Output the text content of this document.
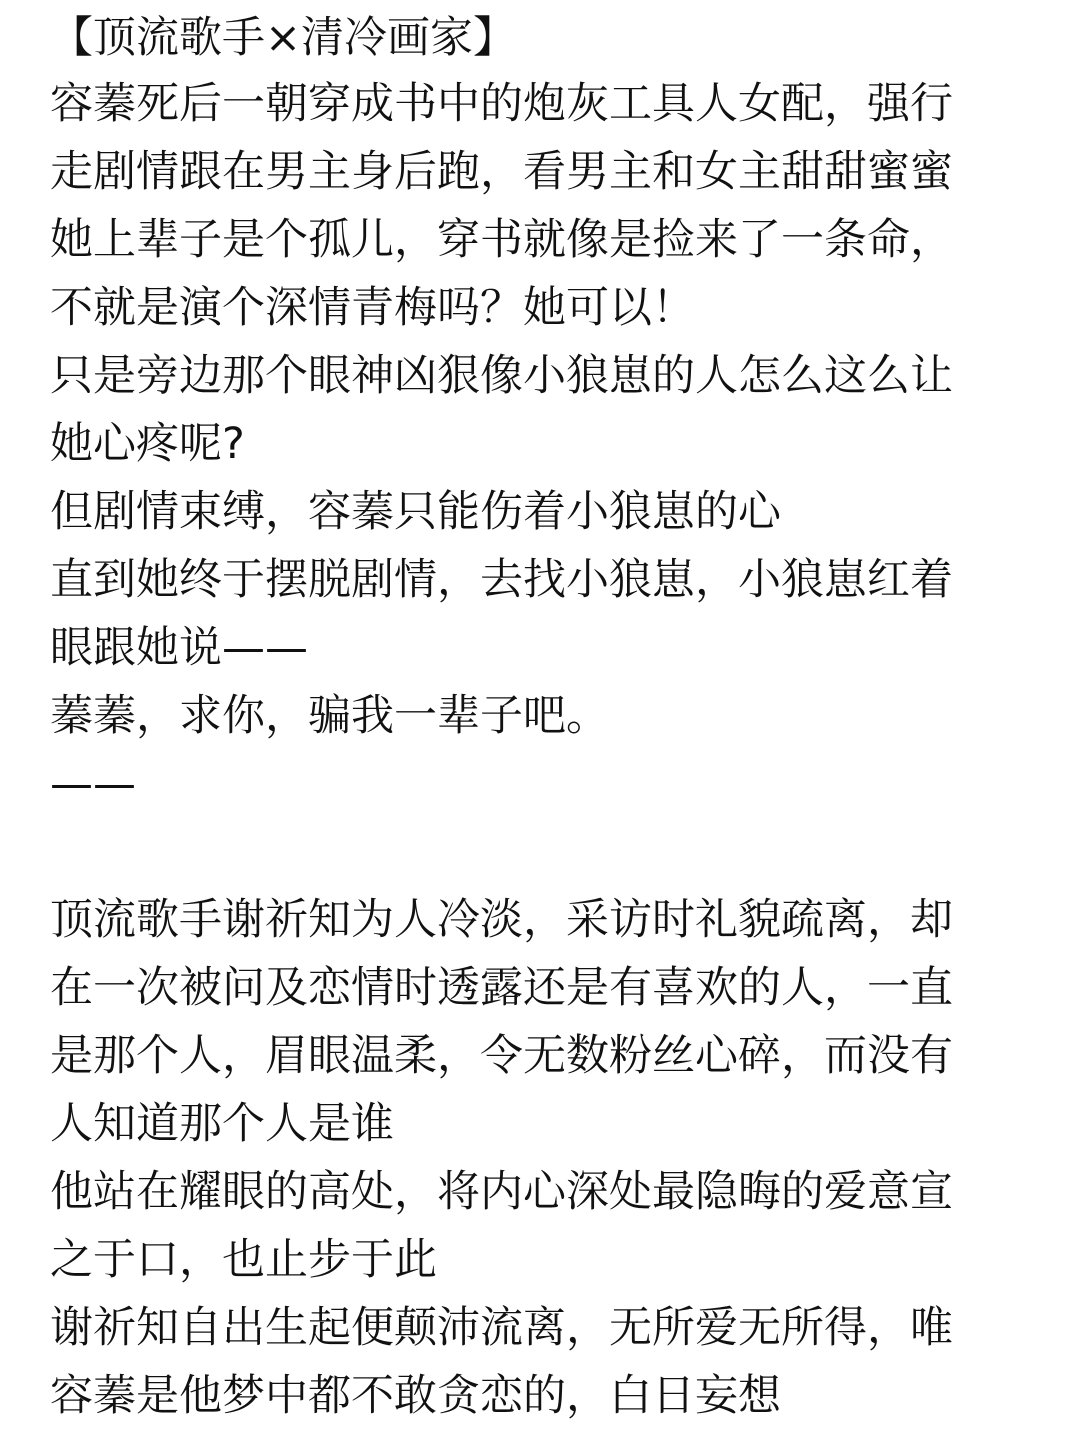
【顶流歌手×清冷画家】
容蓁死后一朝穿成书中的炮灰工具人女配，强行
走剧情跟在男主身后跑，看男主和女主甜甜蜜蜜
她上辈子是个孤儿，穿书就像是捡来了一条命，
不就是演个深情青梅吗？她可以！
只是旁边那个眼神凶狠像小狼崽的人怎么这么让
她心疼呢?
但剧情束缚，容蓁只能伤着小狼崽的心
直到她终于摆脱剧情，去找小狼崽，小狼崽红着
眼跟她说——
蓁蓁，求你，骗我一辈子吧。
——
顶流歌手谢祈知为人冷淡，采访时礼貌疏离，却
在一次被问及恋情时透露还是有喜欢的人，一直
是那个人，眉眼温柔，令无数粉丝心碎，而没有
人知道那个人是谁
他站在耀眼的高处，将内心深处最隐晦的爱意宣
之于口，也止步于此
谢祈知自出生起便颠沛流离，无所爱无所得，唯
容蓁是他梦中都不敢贪恋的，白日妄想
